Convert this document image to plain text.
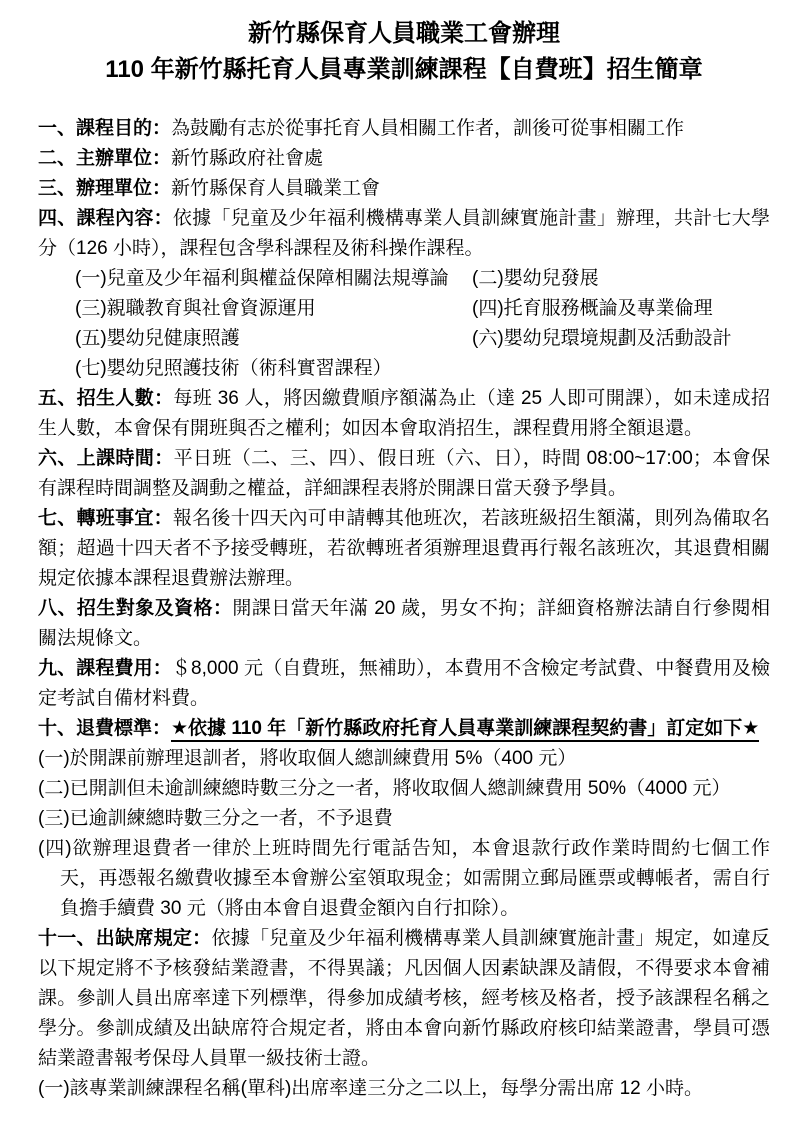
新竹縣保育人員職業工會辦理
110 年新竹縣托育人員專業訓練課程【自費班】招生簡章

一、課程目的：為鼓勵有志於從事托育人員相關工作者，訓後可從事相關工作

二、主辦單位：新竹縣政府社會處

三、辦理單位：新竹縣保育人員職業工會

四、課程內容：依據「兒童及少年福利機構專業人員訓練實施計畫」辦理，共計七大學分（126 小時），課程包含學科課程及術科操作課程。

(一)兒童及少年福利與權益保障相關法規導論	(二)嬰幼兒發展
(三)親職教育與社會資源運用	(四)托育服務概論及專業倫理
(五)嬰幼兒健康照護	(六)嬰幼兒環境規劃及活動設計
(七)嬰幼兒照護技術（術科實習課程）

五、招生人數：每班 36 人，將因繳費順序額滿為止（達 25 人即可開課），如未達成招生人數，本會保有開班與否之權利；如因本會取消招生，課程費用將全額退還。

六、上課時間：平日班（二、三、四）、假日班（六、日），時間 08:00~17:00；本會保有課程時間調整及調動之權益，詳細課程表將於開課日當天發予學員。

七、轉班事宜：報名後十四天內可申請轉其他班次，若該班級招生額滿，則列為備取名額；超過十四天者不予接受轉班，若欲轉班者須辦理退費再行報名該班次，其退費相關規定依據本課程退費辦法辦理。

八、招生對象及資格：開課日當天年滿 20 歲，男女不拘；詳細資格辦法請自行參閱相關法規條文。

九、課程費用：＄8,000 元（自費班，無補助），本費用不含檢定考試費、中餐費用及檢定考試自備材料費。

十、退費標準：★依據 110 年「新竹縣政府托育人員專業訓練課程契約書」訂定如下★

(一)於開課前辦理退訓者，將收取個人總訓練費用 5%（400 元）

(二)已開訓但未逾訓練總時數三分之一者，將收取個人總訓練費用 50%（4000 元）

(三)已逾訓練總時數三分之一者，不予退費

(四)欲辦理退費者一律於上班時間先行電話告知，本會退款行政作業時間約七個工作天，再憑報名繳費收據至本會辦公室領取現金；如需開立郵局匯票或轉帳者，需自行負擔手續費 30 元（將由本會自退費金額內自行扣除）。

十一、出缺席規定：依據「兒童及少年福利機構專業人員訓練實施計畫」規定，如違反以下規定將不予核發結業證書，不得異議；凡因個人因素缺課及請假，不得要求本會補課。參訓人員出席率達下列標準，得參加成績考核，經考核及格者，授予該課程名稱之學分。參訓成績及出缺席符合規定者，將由本會向新竹縣政府核印結業證書，學員可憑結業證書報考保母人員單一級技術士證。

(一)該專業訓練課程名稱(單科)出席率達三分之二以上，每學分需出席 12 小時。
